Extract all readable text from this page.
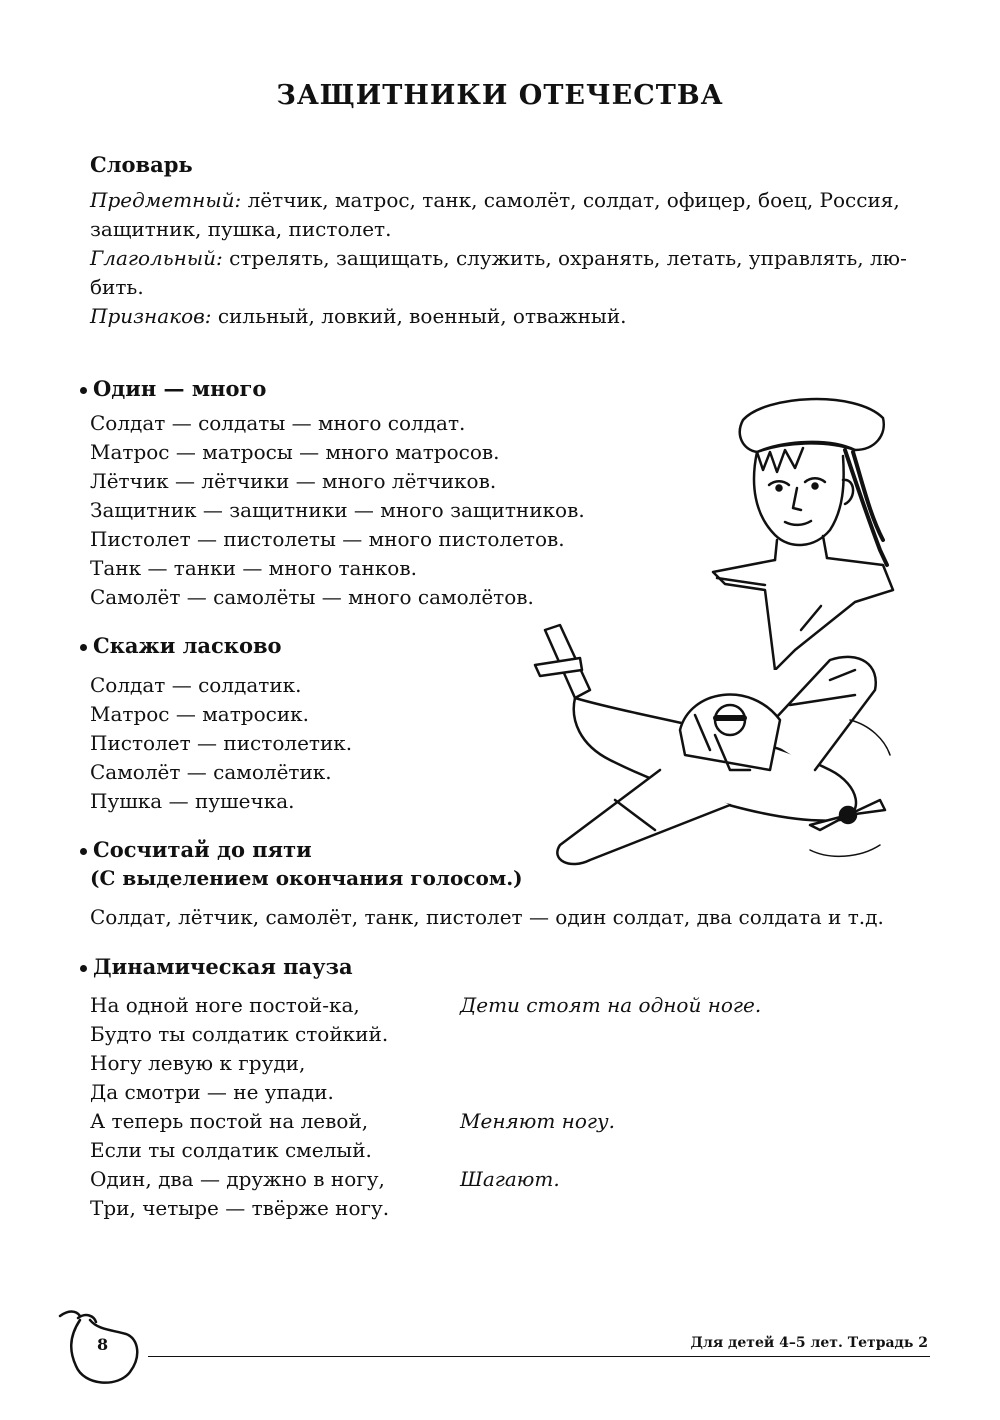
ЗАЩИТНИКИ ОТЕЧЕСТВА
Словарь
Предметный: лётчик, матрос, танк, самолёт, солдат, офицер, боец, Россия,
защитник, пушка, пистолет.
Глагольный: стрелять, защищать, служить, охранять, летать, управлять, лю-
бить.
Признаков: сильный, ловкий, военный, отважный.
Один — много
Солдат — солдаты — много солдат.
Матрос — матросы — много матросов.
Лётчик — лётчики — много лётчиков.
Защитник — защитники — много защитников.
Пистолет — пистолеты — много пистолетов.
Танк — танки — много танков.
Самолёт — самолёты — много самолётов.
Скажи ласково
Солдат — солдатик.
Матрос — матросик.
Пистолет — пистолетик.
Самолёт — самолётик.
Пушка — пушечка.
Сосчитай до пяти
(С выделением окончания голосом.)
Солдат, лётчик, самолёт, танк, пистолет — один солдат, два солдата и т.д.
Динамическая пауза
На одной ноге постой-ка,
Будто ты солдатик стойкий.
Ногу левую к груди,
Да смотри — не упади.
А теперь постой на левой,
Если ты солдатик смелый.
Один, два — дружно в ногу,
Три, четыре — твёрже ногу.
Дети стоят на одной ноге.
Меняют ногу.
Шагают.
8	Для детей 4–5 лет. Тетрадь 2
